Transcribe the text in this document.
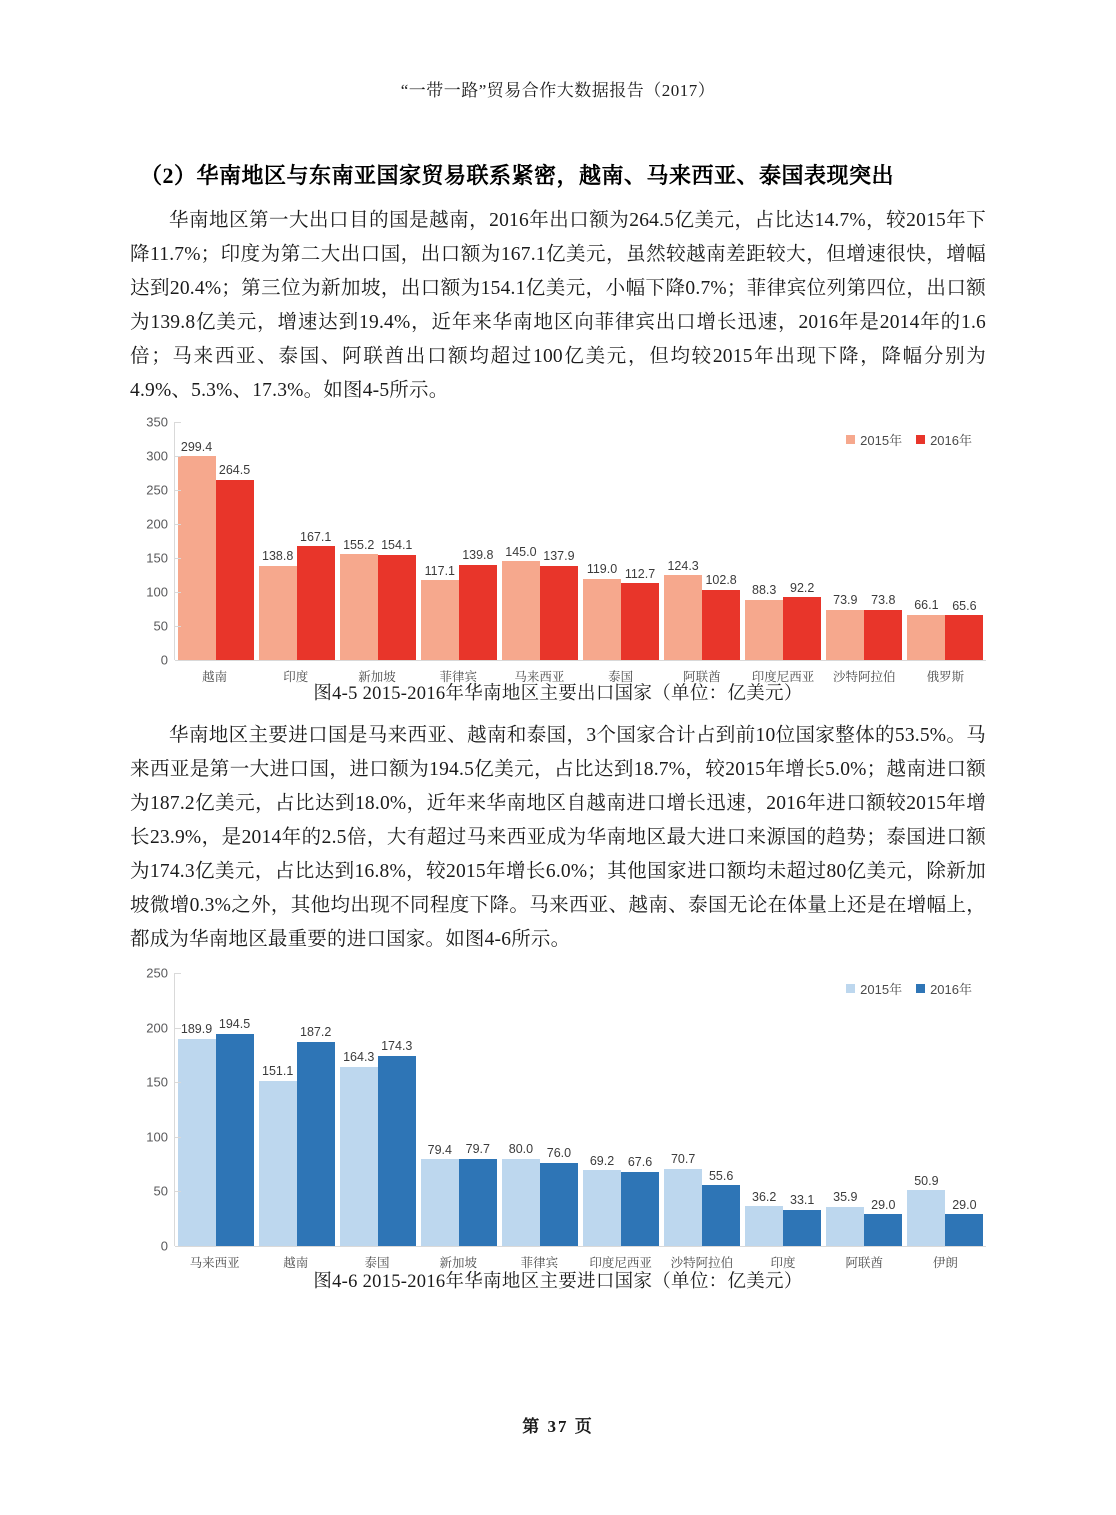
“一带一路”贸易合作大数据报告（2017）
（2）华南地区与东南亚国家贸易联系紧密，越南、马来西亚、泰国表现突出

华南地区第一大出口目的国是越南，2016年出口额为264.5亿美元，占比达14.7%，较2015年下降11.7%；印度为第二大出口国，出口额为167.1亿美元，虽然较越南差距较大，但增速很快，增幅达到20.4%；第三位为新加坡，出口额为154.1亿美元，小幅下降0.7%；菲律宾位列第四位，出口额为139.8亿美元，增速达到19.4%，近年来华南地区向菲律宾出口增长迅速，2016年是2014年的1.6倍；马来西亚、泰国、阿联酋出口额均超过100亿美元，但均较2015年出现下降，降幅分别为4.9%、5.3%、17.3%。如图4-5所示。

2015年 2016年
0
50
100
150
200
250
300
350
299.4
264.5
138.8
167.1
155.2 154.1
117.1
139.8 145.0 137.9
119.0 112.7
124.3
102.8
88.3 92.2
73.9 73.8 66.1 65.6
越南	印度	新加坡	菲律宾	马来西亚	泰国	阿联酋	印度尼西亚	沙特阿拉伯	俄罗斯
图4-5 2015-2016年华南地区主要出口国家（单位：亿美元）

华南地区主要进口国是马来西亚、越南和泰国，3个国家合计占到前10位国家整体的53.5%。马来西亚是第一大进口国，进口额为194.5亿美元，占比达到18.7%，较2015年增长5.0%；越南进口额为187.2亿美元，占比达到18.0%，近年来华南地区自越南进口增长迅速，2016年进口额较2015年增长23.9%，是2014年的2.5倍，大有超过马来西亚成为华南地区最大进口来源国的趋势；泰国进口额为174.3亿美元，占比达到16.8%，较2015年增长6.0%；其他国家进口额均未超过80亿美元，除新加坡微增0.3%之外，其他均出现不同程度下降。马来西亚、越南、泰国无论在体量上还是在增幅上，都成为华南地区最重要的进口国家。如图4-6所示。

2015年 2016年
0
50
100
150
200
250
189.9 194.5
151.1
187.2
164.3
174.3
79.4 79.7 80.0 76.0
69.2 67.6 70.7
55.6
36.2 33.1 35.9
29.0
50.9
29.0
马来西亚	越南	泰国	新加坡	菲律宾	印度尼西亚	沙特阿拉伯	印度	阿联酋	伊朗
图4-6 2015-2016年华南地区主要进口国家（单位：亿美元）
第 37 页
